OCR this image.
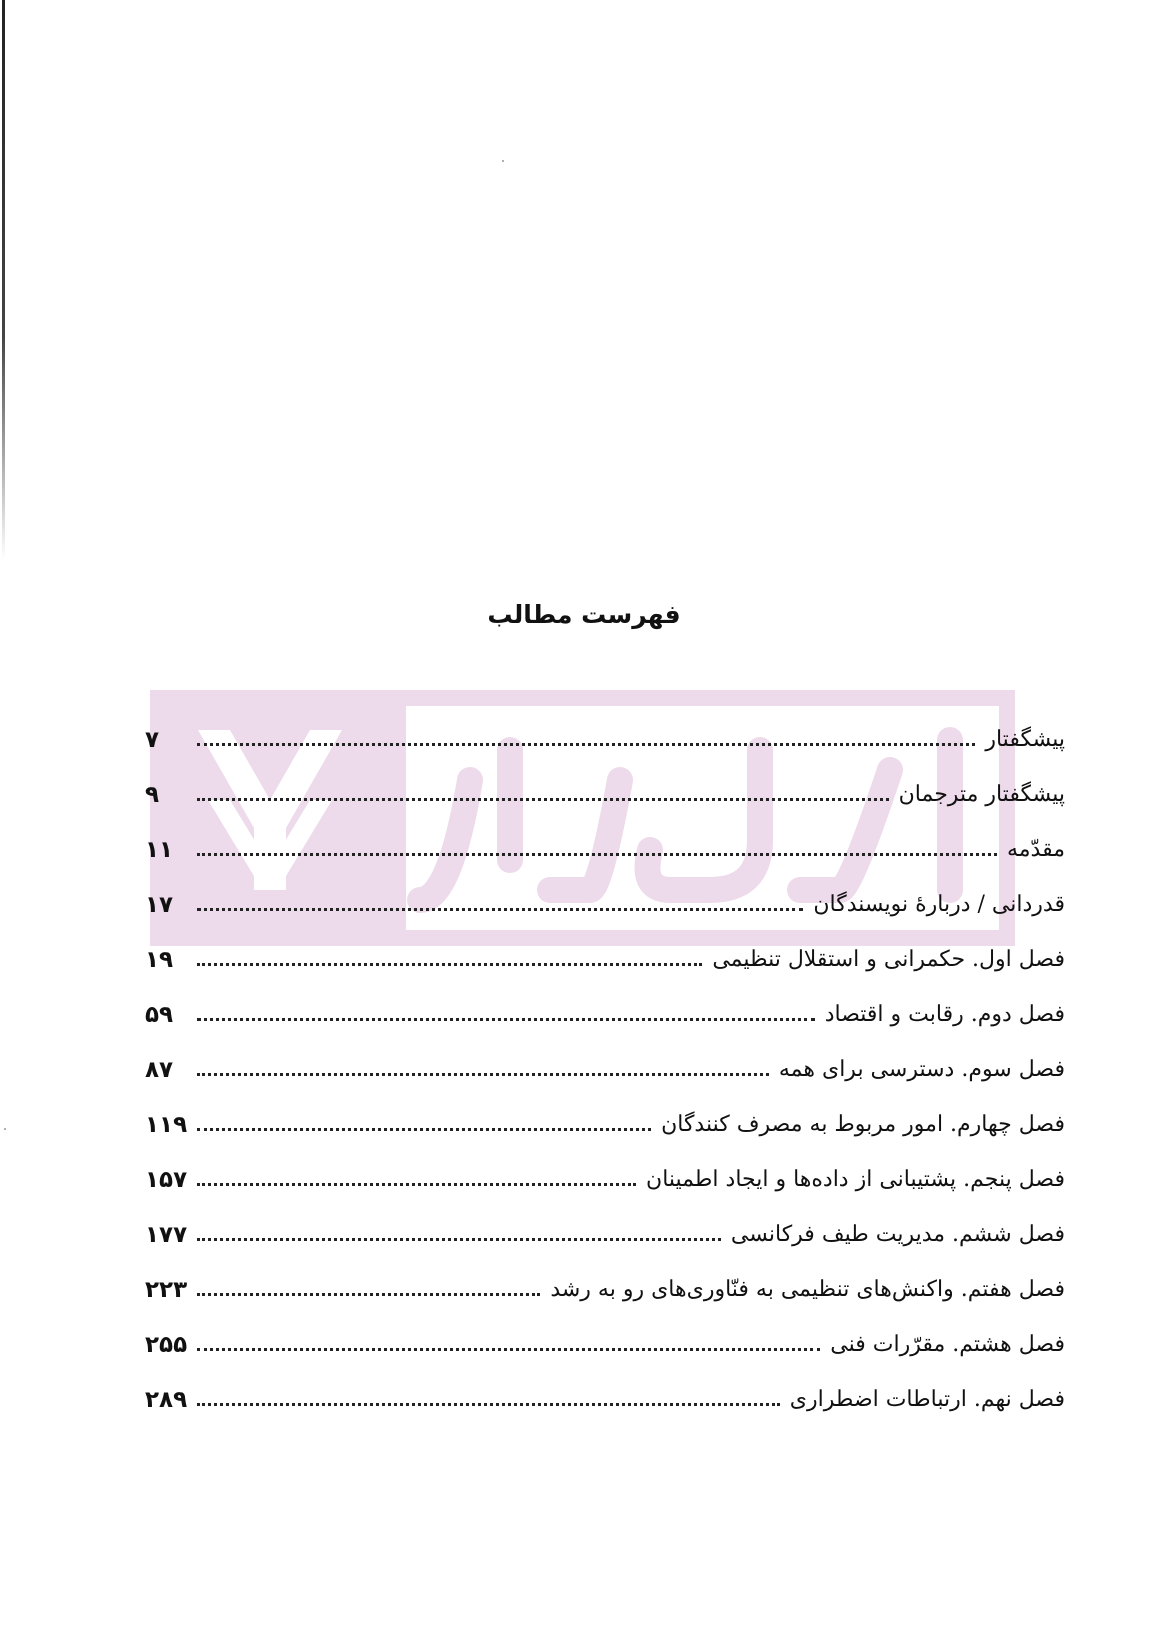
فهرست مطالب
پیشگفتار
۷
پیشگفتار مترجمان
۹
مقدّمه
۱۱
قدردانی / دربارهٔ نویسندگان
۱۷
فصل اول. حکمرانی و استقلال تنظیمی
۱۹
فصل دوم. رقابت و اقتصاد
۵۹
فصل سوم. دسترسی برای همه
۸۷
فصل چهارم. امور مربوط به مصرف کنندگان
۱۱۹
فصل پنجم. پشتیبانی از داده‌ها و ایجاد اطمینان
۱۵۷
فصل ششم. مدیریت طیف فرکانسی
۱۷۷
فصل هفتم. واکنش‌های تنظیمی به فنّاوری‌های رو به رشد
۲۲۳
فصل هشتم. مقرّرات فنی
۲۵۵
فصل نهم. ارتباطات اضطراری
۲۸۹
